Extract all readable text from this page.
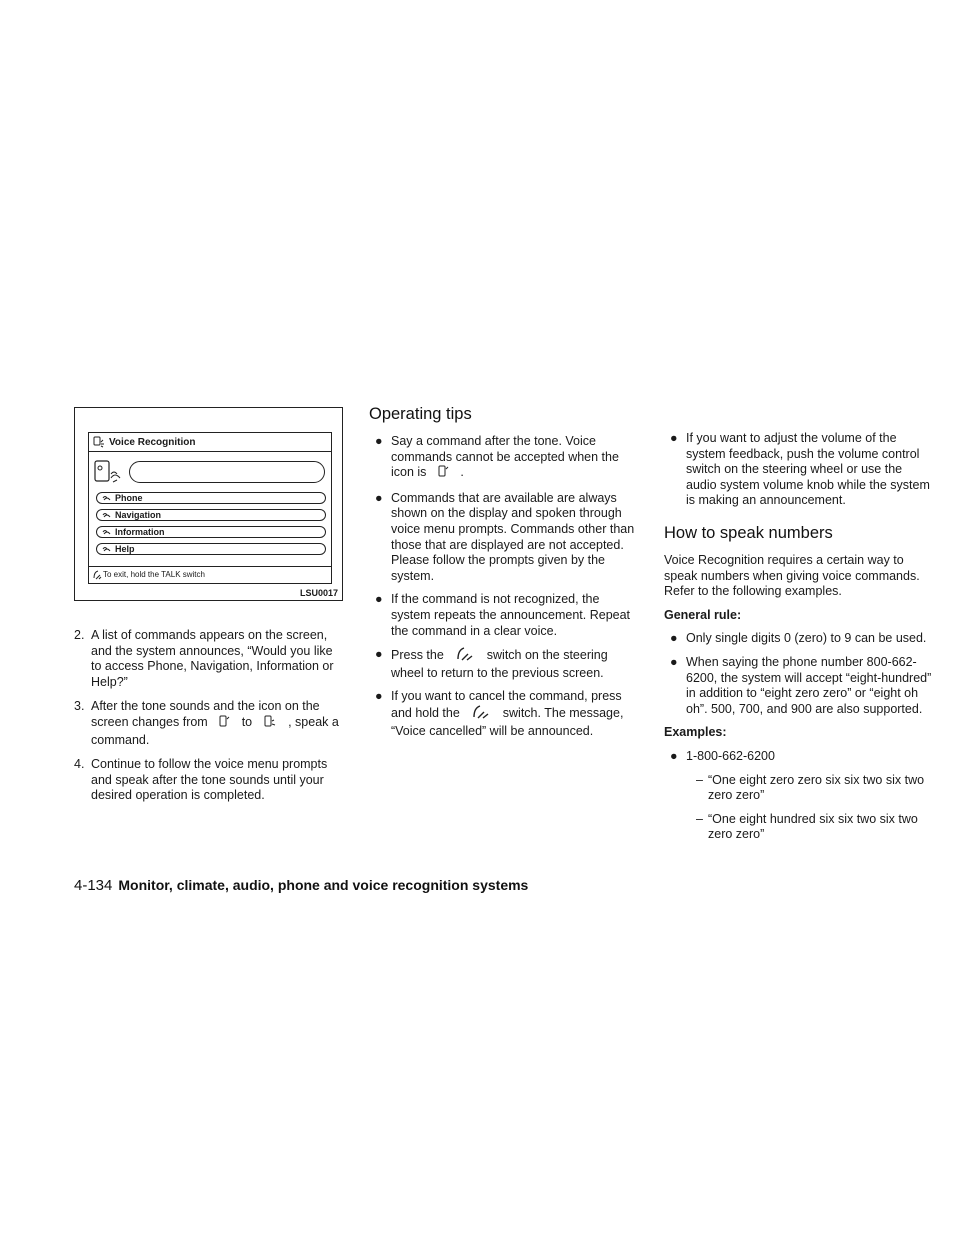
Voice Recognition
Phone
Navigation
Information
Help
To exit, hold the TALK switch
LSU0017
2. A list of commands appears on the screen, and the system announces, “Would you like to access Phone, Navigation, Information or Help?”
3. After the tone sounds and the icon on the screen changes from	to	, speak a command.
4. Continue to follow the voice menu prompts and speak after the tone sounds until your desired operation is completed.
Operating tips
● Say a command after the tone. Voice commands cannot be accepted when the icon is	.
● Commands that are available are always shown on the display and spoken through voice menu prompts. Commands other than those that are displayed are not accepted. Please follow the prompts given by the system.
● If the command is not recognized, the system repeats the announcement. Repeat the command in a clear voice.
● Press the	switch on the steering wheel to return to the previous screen.
● If you want to cancel the command, press and hold the	switch. The message, “Voice cancelled” will be announced.
● If you want to adjust the volume of the system feedback, push the volume control switch on the steering wheel or use the audio system volume knob while the system is making an announcement.
How to speak numbers

Voice Recognition requires a certain way to speak numbers when giving voice commands. Refer to the following examples.

General rule:

● Only single digits 0 (zero) to 9 can be used.
● When saying the phone number 800-662-6200, the system will accept “eight-hundred” in addition to “eight zero zero” or “eight oh oh”. 500, 700, and 900 are also supported.

Examples:

● 1-800-662-6200
– “One eight zero zero six six two six two zero zero”
– “One eight hundred six six two six two zero zero”
4-134 Monitor, climate, audio, phone and voice recognition systems
